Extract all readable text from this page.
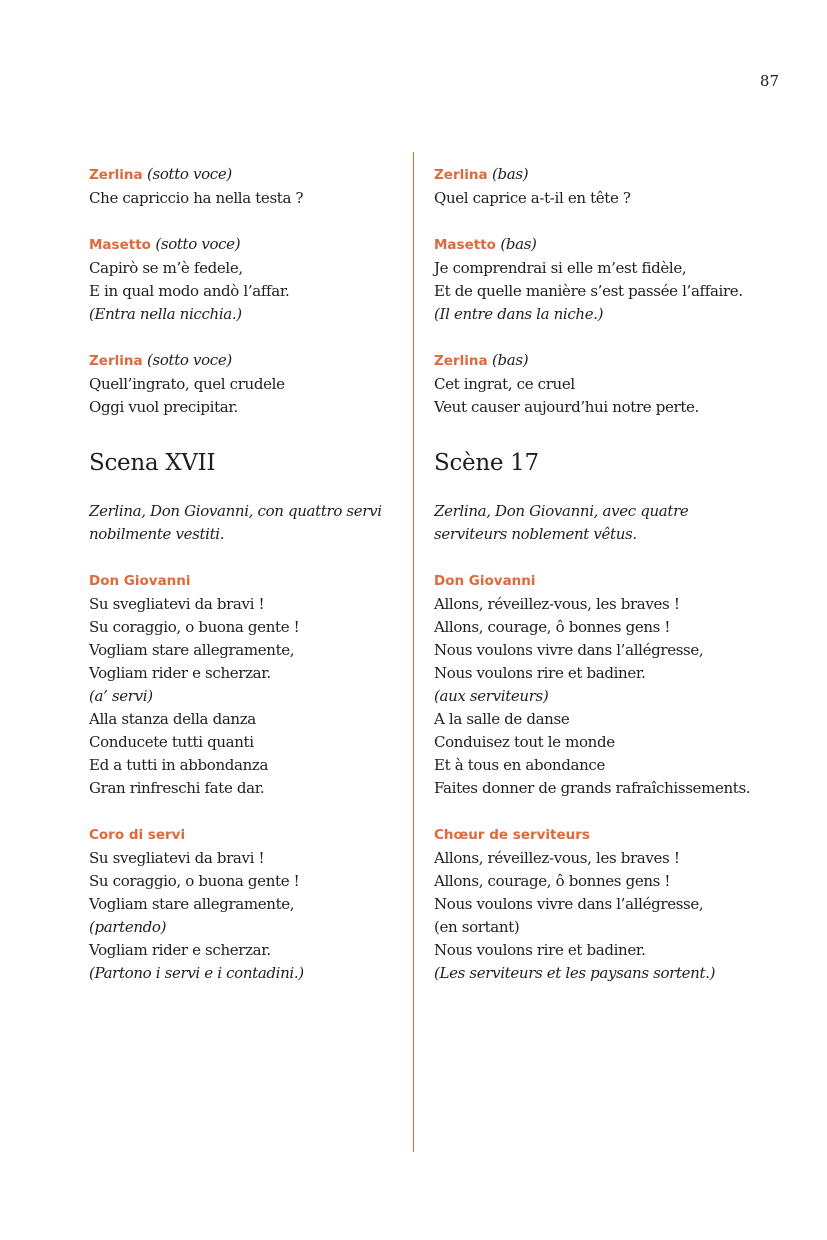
87
Zerlina (sotto voce)
Che capriccio ha nella testa ?
Masetto (sotto voce)
Capirò se m’è fedele,
E in qual modo andò l’affar.
(Entra nella nicchia.)
Zerlina (sotto voce)
Quell’ingrato, quel crudele
Oggi vuol precipitar.
Scena XVII
Zerlina, Don Giovanni, con quattro servi
nobilmente vestiti.
Don Giovanni
Su svegliatevi da bravi !
Su coraggio, o buona gente !
Vogliam stare allegramente,
Vogliam rider e scherzar.
(a’ servi)
Alla stanza della danza
Conducete tutti quanti
Ed a tutti in abbondanza
Gran rinfreschi fate dar.
Coro di servi
Su svegliatevi da bravi !
Su coraggio, o buona gente !
Vogliam stare allegramente,
(partendo)
Vogliam rider e scherzar.
(Partono i servi e i contadini.)
Zerlina (bas)
Quel caprice a-t-il en tête ?
Masetto (bas)
Je comprendrai si elle m’est fidèle,
Et de quelle manière s’est passée l’affaire.
(Il entre dans la niche.)
Zerlina (bas)
Cet ingrat, ce cruel
Veut causer aujourd’hui notre perte.
Scène 17
Zerlina, Don Giovanni, avec quatre
serviteurs noblement vêtus.
Don Giovanni
Allons, réveillez-vous, les braves !
Allons, courage, ô bonnes gens !
Nous voulons vivre dans l’allégresse,
Nous voulons rire et badiner.
(aux serviteurs)
A la salle de danse
Conduisez tout le monde
Et à tous en abondance
Faites donner de grands rafraîchissements.
Chœur de serviteurs
Allons, réveillez-vous, les braves !
Allons, courage, ô bonnes gens !
Nous voulons vivre dans l’allégresse,
(en sortant)
Nous voulons rire et badiner.
(Les serviteurs et les paysans sortent.)
